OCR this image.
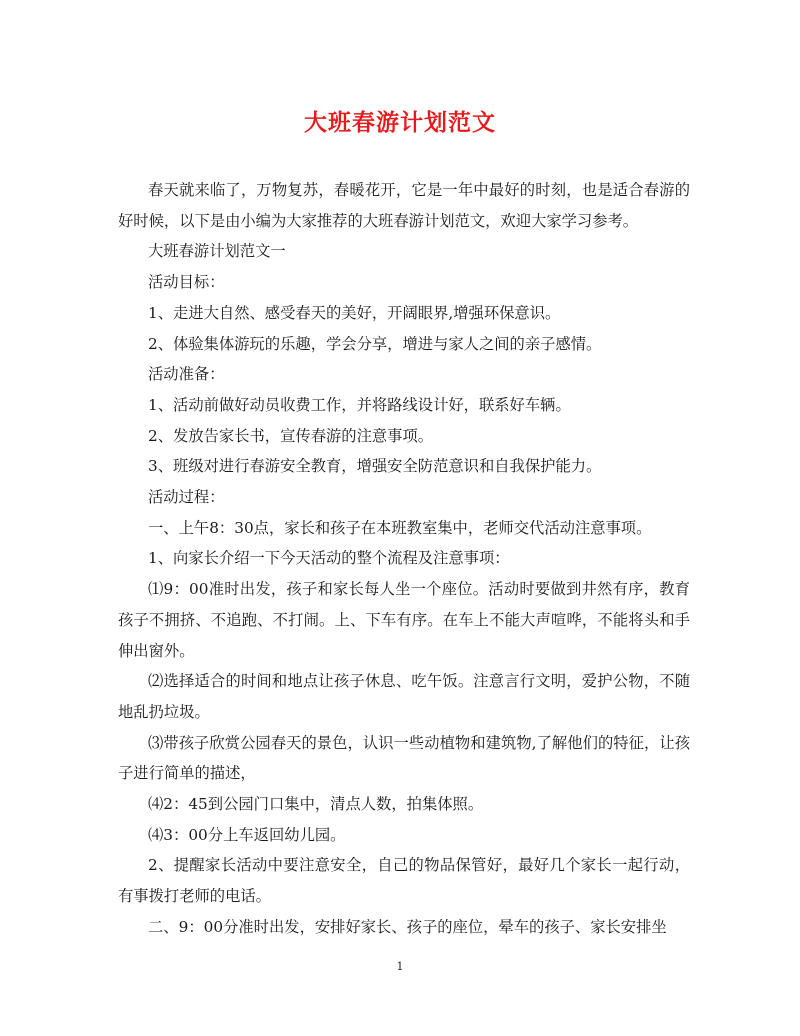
大班春游计划范文

春天就来临了，万物复苏，春暖花开，它是一年中最好的时刻，也是适合春游的好时候，以下是由小编为大家推荐的大班春游计划范文，欢迎大家学习参考。

大班春游计划范文一

活动目标：

1、走进大自然、感受春天的美好，开阔眼界,增强环保意识。

2、体验集体游玩的乐趣，学会分享，增进与家人之间的亲子感情。

活动准备：

1、活动前做好动员收费工作，并将路线设计好，联系好车辆。

2、发放告家长书，宣传春游的注意事项。

3、班级对进行春游安全教育，增强安全防范意识和自我保护能力。

活动过程：

一、上午8：30点，家长和孩子在本班教室集中，老师交代活动注意事项。

1、向家长介绍一下今天活动的整个流程及注意事项：

⑴9：00准时出发，孩子和家长每人坐一个座位。活动时要做到井然有序，教育孩子不拥挤、不追跑、不打闹。上、下车有序。在车上不能大声喧哗，不能将头和手伸出窗外。

⑵选择适合的时间和地点让孩子休息、吃午饭。注意言行文明，爱护公物，不随地乱扔垃圾。

⑶带孩子欣赏公园春天的景色，认识一些动植物和建筑物,了解他们的特征，让孩子进行简单的描述，

⑷2：45到公园门口集中，清点人数，拍集体照。

⑷3：00分上车返回幼儿园。

2、提醒家长活动中要注意安全，自己的物品保管好，最好几个家长一起行动，有事拨打老师的电话。

二、9：00分准时出发，安排好家长、孩子的座位，晕车的孩子、家长安排坐

1
